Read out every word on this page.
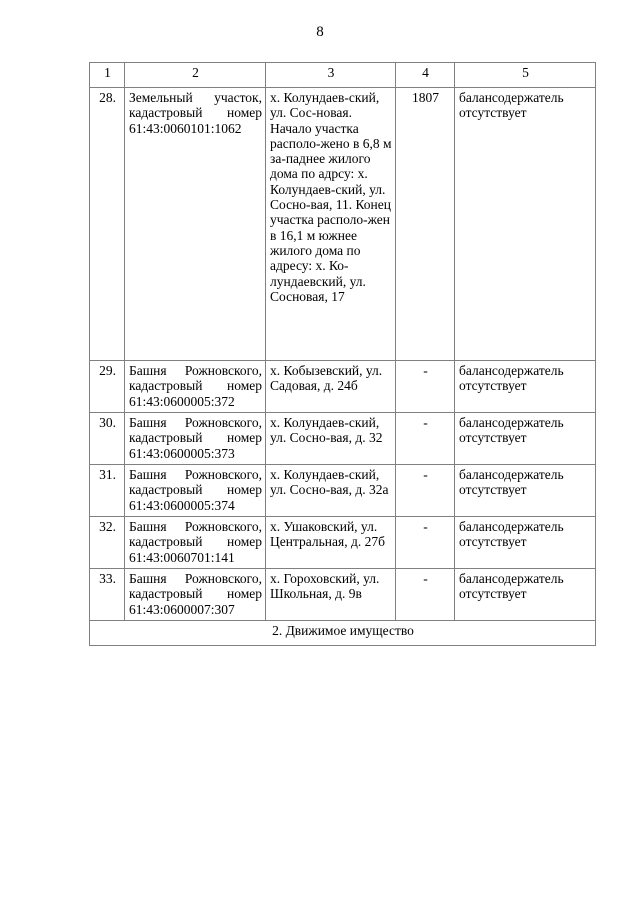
8
1	2	3	4	5
28.	Земельный участок, кадастровый номер 61:43:0060101:1062	х. Колундаев-ский, ул. Сос-новая. Начало участка располо-жено в 6,8 м за-паднее жилого дома по адрсу: х. Колундаев-ский, ул. Сосно-вая, 11. Конец участка располо-жен в 16,1 м южнее жилого дома по адресу: х. Ко-лундаевский, ул. Сосновая, 17	1807	балансодержатель отсутствует
29.	Башня Рожновского, кадастровый номер 61:43:0600005:372	х. Кобызевский, ул. Садовая, д. 24б	-	балансодержатель отсутствует
30.	Башня Рожновского, кадастровый номер 61:43:0600005:373	х. Колундаев-ский, ул. Сосно-вая, д. 32	-	балансодержатель отсутствует
31.	Башня Рожновского, кадастровый номер 61:43:0600005:374	х. Колундаев-ский, ул. Сосно-вая, д. 32а	-	балансодержатель отсутствует
32.	Башня Рожновского, кадастровый номер 61:43:0060701:141	х. Ушаковский, ул. Центральная, д. 27б	-	балансодержатель отсутствует
33.	Башня Рожновского, кадастровый номер 61:43:0600007:307	х. Гороховский, ул. Школьная, д. 9в	-	балансодержатель отсутствует
2. Движимое имущество				
